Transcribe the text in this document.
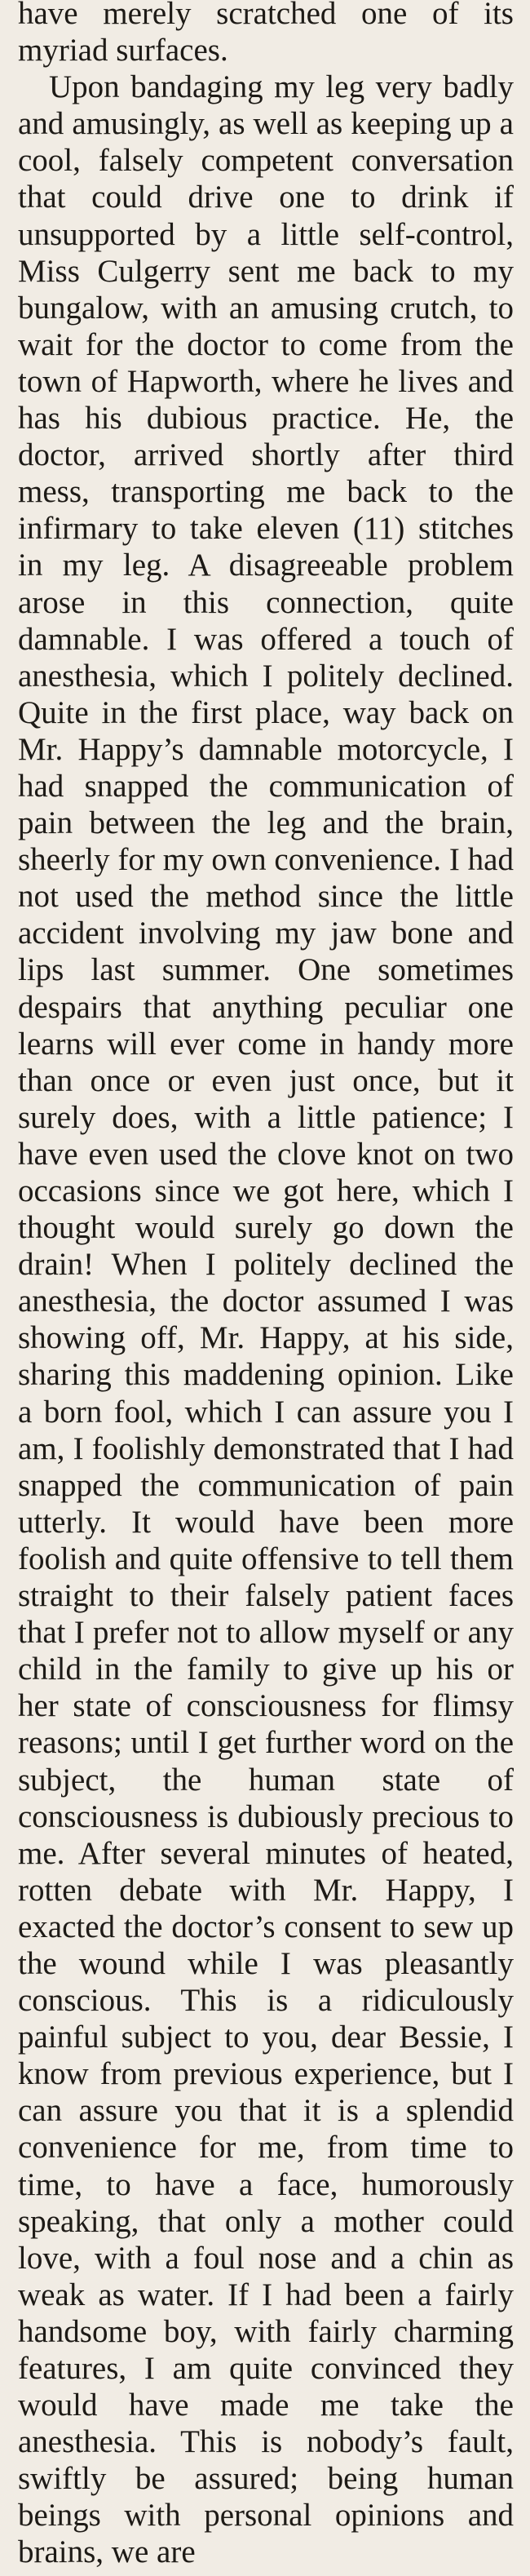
have merely scratched one of its myriad surfaces.

Upon bandaging my leg very badly and amusingly, as well as keeping up a cool, falsely competent conversation that could drive one to drink if unsupported by a little self-control, Miss Culgerry sent me back to my bungalow, with an amusing crutch, to wait for the doctor to come from the town of Hapworth, where he lives and has his dubious practice. He, the doctor, arrived shortly after third mess, transporting me back to the infirmary to take eleven (11) stitches in my leg. A disagreeable problem arose in this connection, quite damnable. I was offered a touch of anesthesia, which I politely declined. Quite in the first place, way back on Mr. Happy’s damnable motorcycle, I had snapped the communication of pain between the leg and the brain, sheerly for my own convenience. I had not used the method since the little accident involving my jaw bone and lips last summer. One sometimes despairs that anything peculiar one learns will ever come in handy more than once or even just once, but it surely does, with a little patience; I have even used the clove knot on two occasions since we got here, which I thought would surely go down the drain! When I politely declined the anesthesia, the doctor assumed I was showing off, Mr. Happy, at his side, sharing this maddening opinion. Like a born fool, which I can assure you I am, I foolishly demonstrated that I had snapped the communication of pain utterly. It would have been more foolish and quite offensive to tell them straight to their falsely patient faces that I prefer not to allow myself or any child in the family to give up his or her state of consciousness for flimsy reasons; until I get further word on the subject, the human state of consciousness is dubiously precious to me. After several minutes of heated, rotten debate with Mr. Happy, I exacted the doctor’s consent to sew up the wound while I was pleasantly conscious. This is a ridiculously painful subject to you, dear Bessie, I know from previous experience, but I can assure you that it is a splendid convenience for me, from time to time, to have a face, humorously speaking, that only a mother could love, with a foul nose and a chin as weak as water. If I had been a fairly handsome boy, with fairly charming features, I am quite convinced they would have made me take the anesthesia. This is nobody’s fault, swiftly be assured; being human beings with personal opinions and brains, we are
